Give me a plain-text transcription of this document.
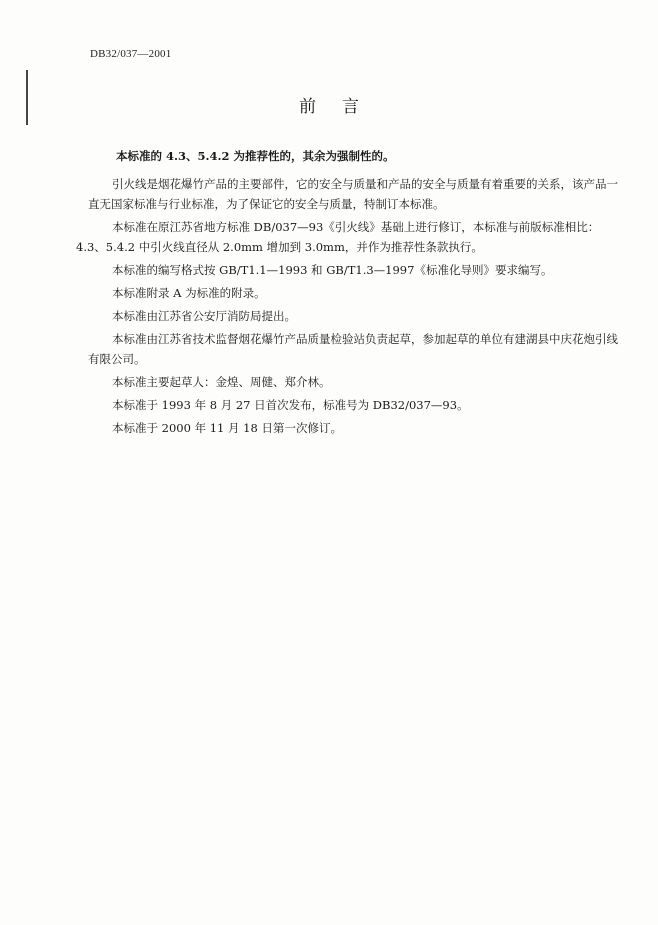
DB32/037—2001
前言

本标准的 4.3、5.4.2 为推荐性的，其余为强制性的。

引火线是烟花爆竹产品的主要部件，它的安全与质量和产品的安全与质量有着重要的关系，该产品一直无国家标准与行业标准，为了保证它的安全与质量，特制订本标准。

本标准在原江苏省地方标准 DB/037—93《引火线》基础上进行修订，本标准与前版标准相比：

4.3、5.4.2 中引火线直径从 2.0mm 增加到 3.0mm，并作为推荐性条款执行。

本标准的编写格式按 GB/T1.1—1993 和 GB/T1.3—1997《标准化导则》要求编写。

本标准附录 A 为标准的附录。

本标准由江苏省公安厅消防局提出。

本标准由江苏省技术监督烟花爆竹产品质量检验站负责起草，参加起草的单位有建湖县中庆花炮引线有限公司。

本标准主要起草人：金煌、周健、郑介林。

本标准于 1993 年 8 月 27 日首次发布，标准号为 DB32/037—93。

本标准于 2000 年 11 月 18 日第一次修订。
